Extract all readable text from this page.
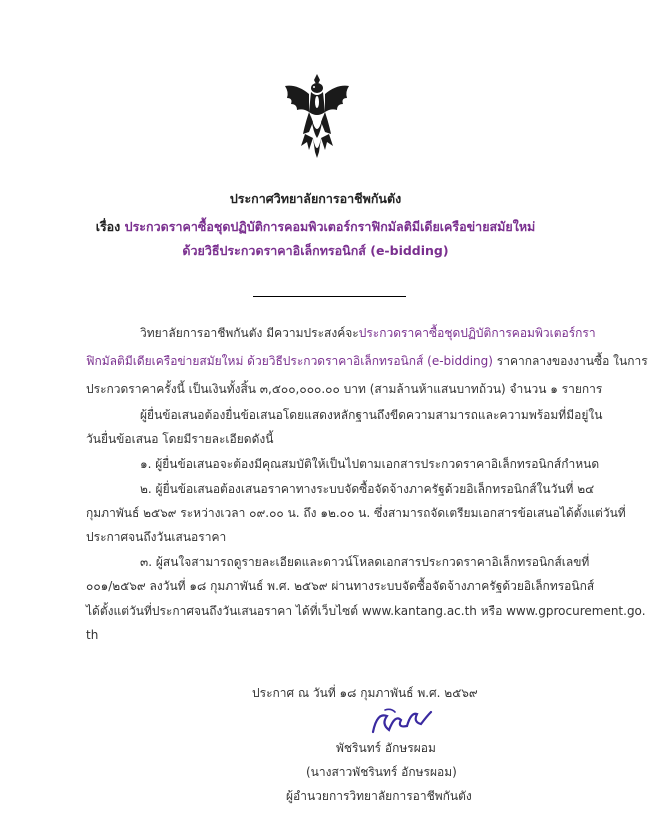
ประกาศวิทยาลัยการอาชีพกันตัง
เรื่อง ประกวดราคาซื้อชุดปฏิบัติการคอมพิวเตอร์กราฟิกมัลติมีเดียเครือข่ายสมัยใหม่
ด้วยวิธีประกวดราคาอิเล็กทรอนิกส์ (e-bidding)
วิทยาลัยการอาชีพกันตัง มีความประสงค์จะประกวดราคาซื้อชุดปฏิบัติการคอมพิวเตอร์กรา
ฟิกมัลติมีเดียเครือข่ายสมัยใหม่ ด้วยวิธีประกวดราคาอิเล็กทรอนิกส์ (e-bidding) ราคากลางของงานซื้อ ในการ
ประกวดราคาครั้งนี้ เป็นเงินทั้งสิ้น ๓,๕๐๐,๐๐๐.๐๐ บาท (สามล้านห้าแสนบาทถ้วน) จำนวน ๑ รายการ
ผู้ยื่นข้อเสนอต้องยื่นข้อเสนอโดยแสดงหลักฐานถึงขีดความสามารถและความพร้อมที่มีอยู่ใน
วันยื่นข้อเสนอ โดยมีรายละเอียดดังนี้
๑. ผู้ยื่นข้อเสนอจะต้องมีคุณสมบัติให้เป็นไปตามเอกสารประกวดราคาอิเล็กทรอนิกส์กำหนด
๒. ผู้ยื่นข้อเสนอต้องเสนอราคาทางระบบจัดซื้อจัดจ้างภาครัฐด้วยอิเล็กทรอนิกส์ในวันที่ ๒๔
กุมภาพันธ์ ๒๕๖๙ ระหว่างเวลา ๐๙.๐๐ น. ถึง ๑๒.๐๐ น. ซึ่งสามารถจัดเตรียมเอกสารข้อเสนอได้ตั้งแต่วันที่
ประกาศจนถึงวันเสนอราคา
๓. ผู้สนใจสามารถดูรายละเอียดและดาวน์โหลดเอกสารประกวดราคาอิเล็กทรอนิกส์เลขที่
๐๐๑/๒๕๖๙ ลงวันที่ ๑๘ กุมภาพันธ์ พ.ศ. ๒๕๖๙ ผ่านทางระบบจัดซื้อจัดจ้างภาครัฐด้วยอิเล็กทรอนิกส์
ได้ตั้งแต่วันที่ประกาศจนถึงวันเสนอราคา ได้ที่เว็บไซต์ www.kantang.ac.th หรือ www.gprocurement.go.
th
ประกาศ ณ วันที่ ๑๘ กุมภาพันธ์ พ.ศ. ๒๕๖๙
พัชรินทร์ อักษรผอม
(นางสาวพัชรินทร์ อักษรผอม)
ผู้อำนวยการวิทยาลัยการอาชีพกันตัง
